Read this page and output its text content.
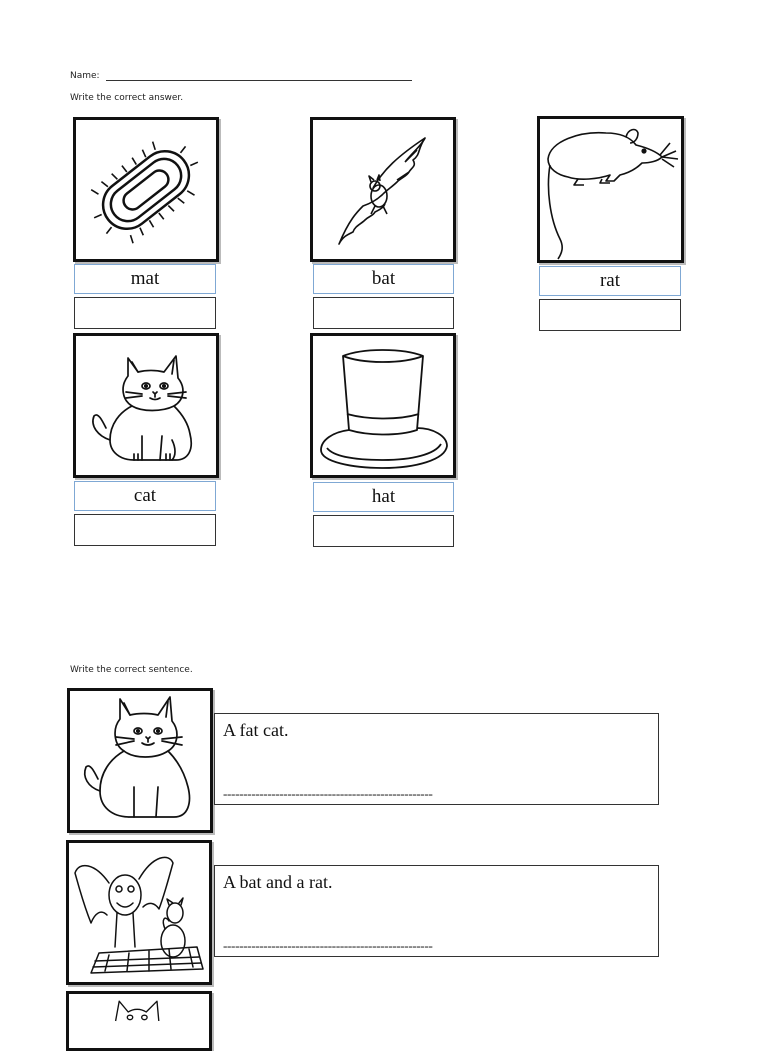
Name:
Write the correct answer.
mat	bat	rat
cat	hat
Write the correct sentence.
A fat cat.
----------------------------------------------------
A bat and a rat.
----------------------------------------------------
